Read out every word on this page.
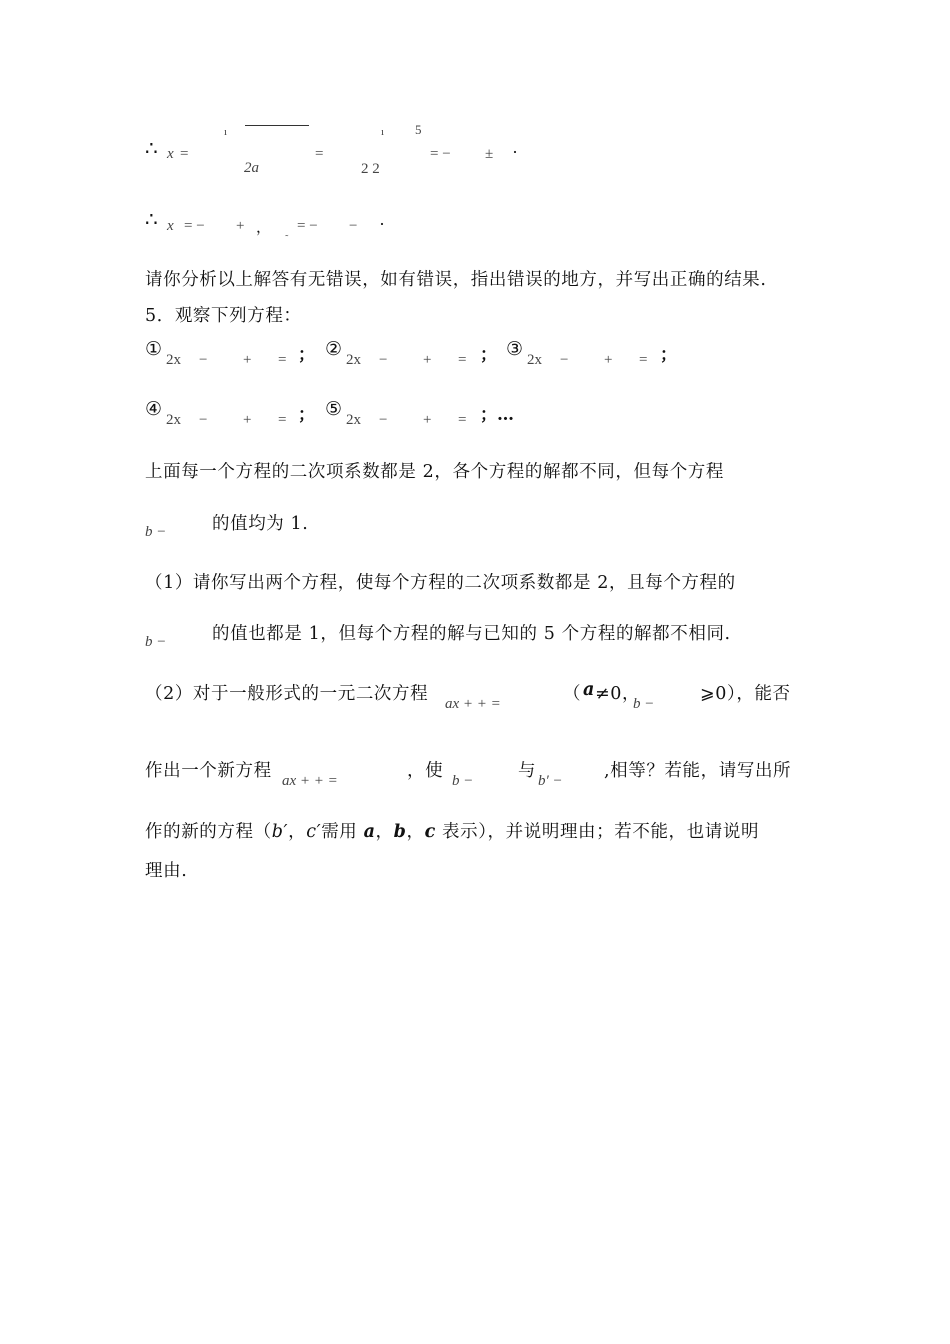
∴ x =
ı
2a
=
ı 5
2 2
= − ± ·
∴ x = − + ， ˷ = − − ·
请你分析以上解答有无错误，如有错误，指出错误的地方，并写出正确的结果.
5．观察下列方程：
① 2x − + = ； ② 2x − + = ； ③ 2x − + = ；
④ 2x − + = ； ⑤ 2x − + = ；…
上面每一个方程的二次项系数都是 2，各个方程的解都不同，但每个方程
b −	的值均为 1.
（1）请你写出两个方程，使每个方程的二次项系数都是 2，且每个方程的
b −	的值也都是 1，但每个方程的解与已知的 5 个方程的解都不相同.
（2）对于一般形式的一元二次方程 ax + + =	（ a ≠0，
b −	⩾0），能否
作出一个新方程 ax + + =	，使 b −	与 b′ − ,相等？若能，请写出所
作的新的方程（b′，c′需用 a，b，c 表示），并说明理由；若不能，也请说明
理由.
